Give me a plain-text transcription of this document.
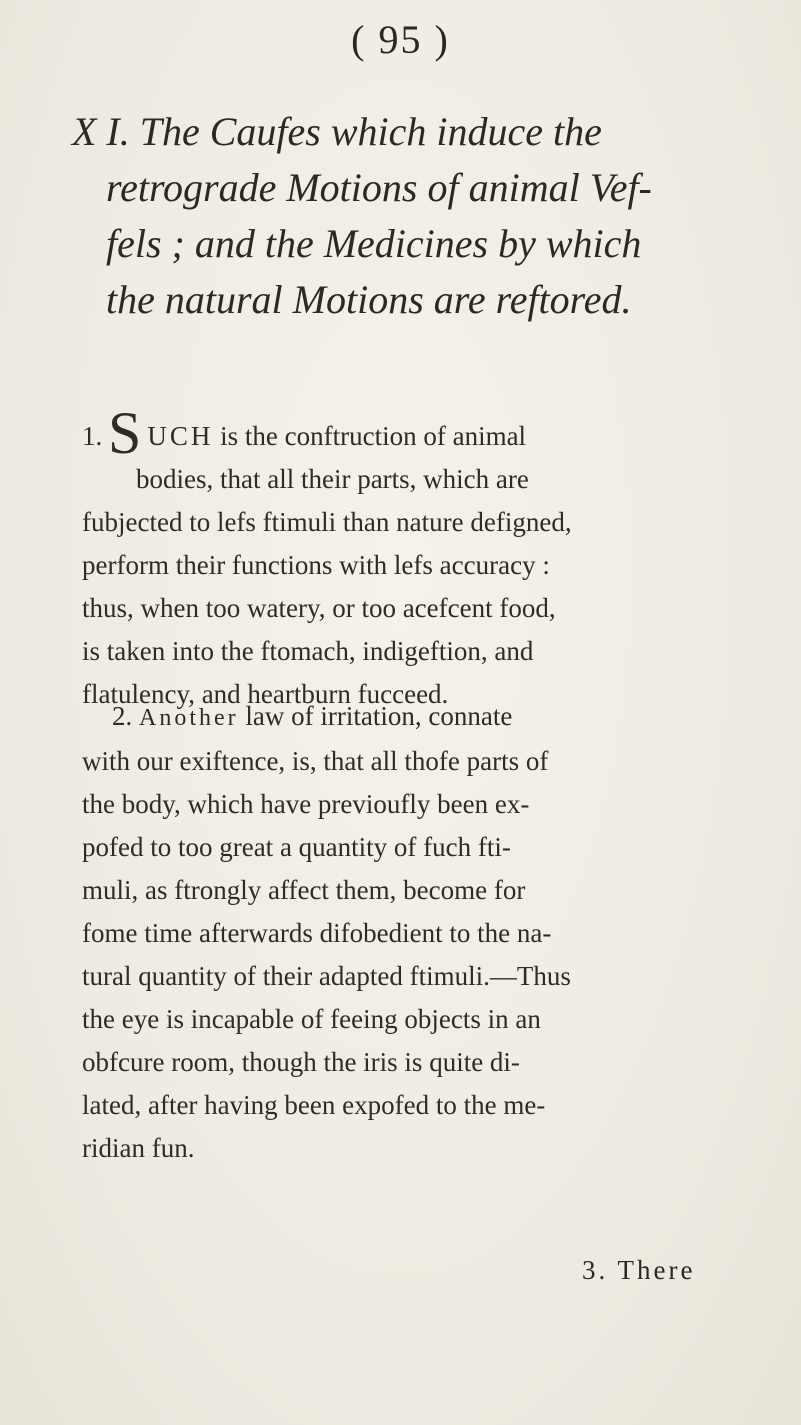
( 95 )
X I. The Caufes which induce the
retrograde Motions of animal Vef-
fels ; and the Medicines by which
the natural Motions are reftored.
1.S UCH is the conftruction of animal
bodies, that all their parts, which are
fubjected to lefs ftimuli than nature defigned,
perform their functions with lefs accuracy :
thus, when too watery, or too acefcent food,
is taken into the ftomach, indigeftion, and
flatulency, and heartburn fucceed.
2. Another law of irritation, connate
with our exiftence, is, that all thofe parts of
the body, which have previoufly been ex-
pofed to too great a quantity of fuch fti-
muli, as ftrongly affect them, become for
fome time afterwards difobedient to the na-
tural quantity of their adapted ftimuli.—Thus
the eye is incapable of feeing objects in an
obfcure room, though the iris is quite di-
lated, after having been expofed to the me-
ridian fun.
3. There
